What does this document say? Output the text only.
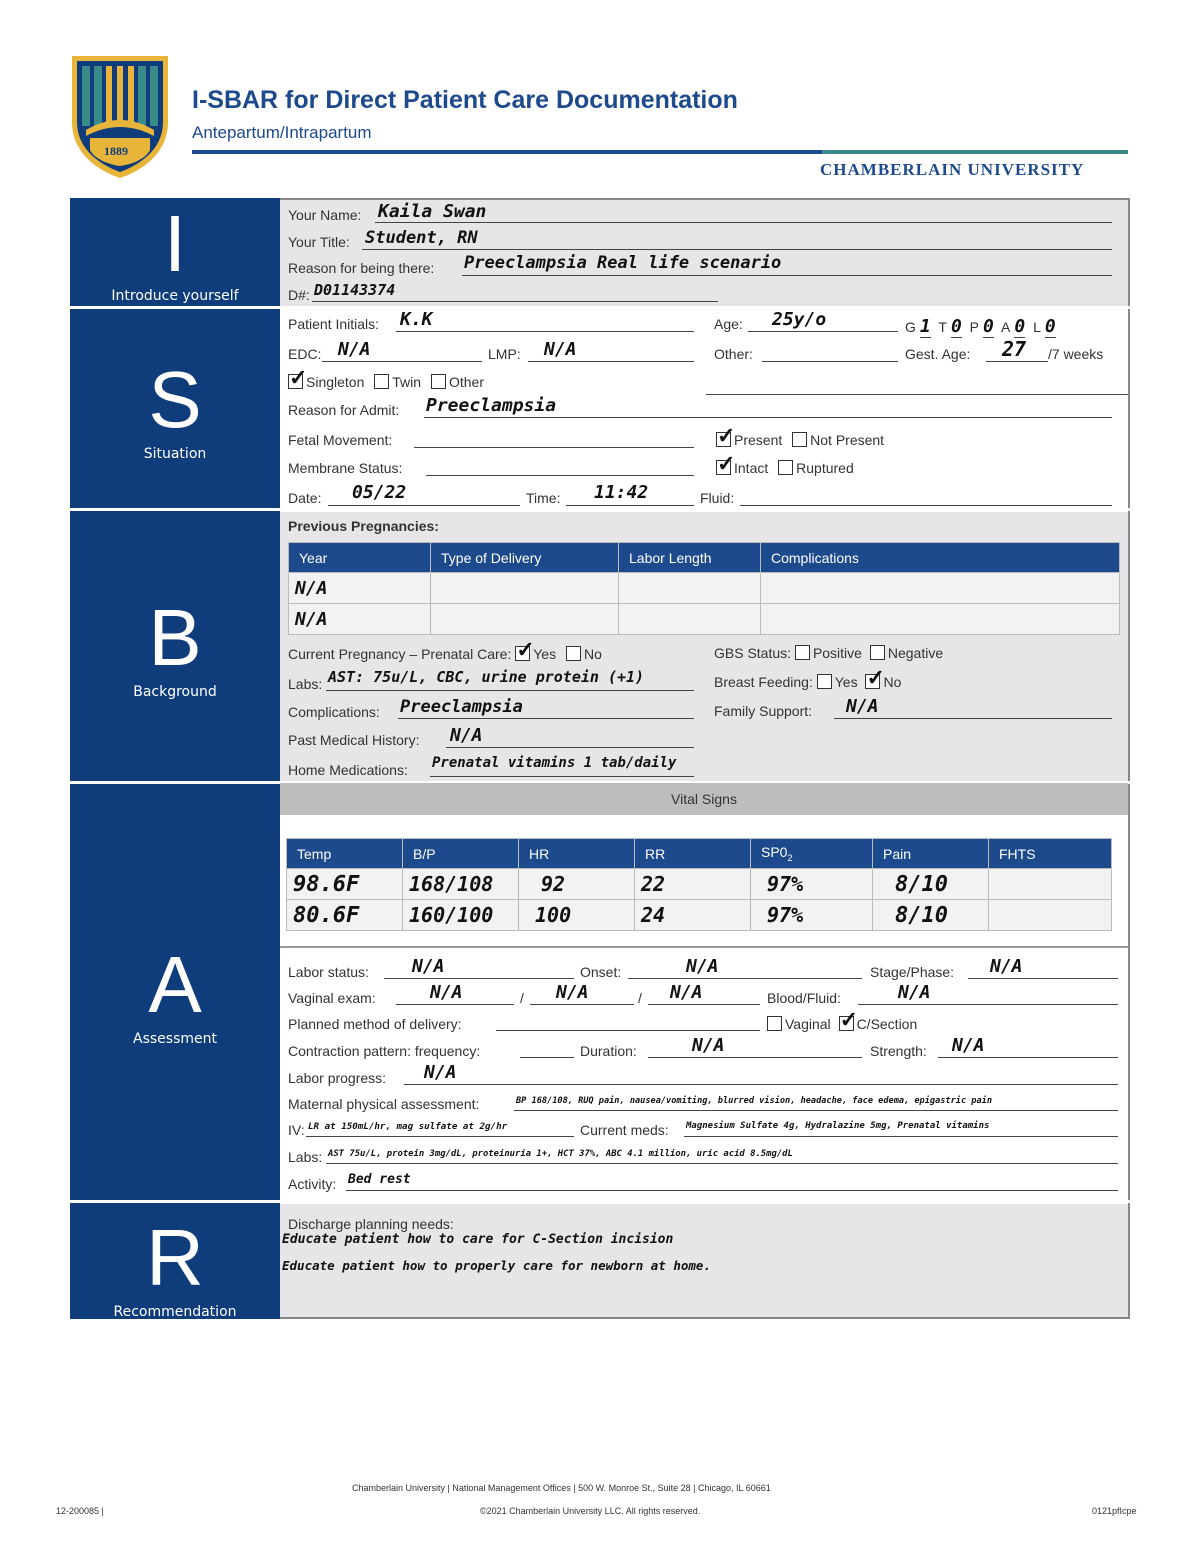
1889
I-SBAR for Direct Patient Care Documentation
Antepartum/Intrapartum
CHAMBERLAIN UNIVERSITY
I
Introduce yourself
S
Situation
B
Background
A
Assessment
R
Recommendation
Your Name: Kaila Swan
Your Title: Student, RN
Reason for being there: Preeclampsia Real life scenario
D#: D01143374
Patient Initials: K.K	Age: 25y/o	G 1 T 0 P 0 A 0 L 0
EDC: N/A	LMP: N/A	Other:	Gest. Age: 27 /7 weeks
✓Singleton Twin Other
Reason for Admit: Preeclampsia
Fetal Movement: ✓	Present Not Present
Membrane Status: ✓	Intact Ruptured
Date: 05/22	Time: 11:42	Fluid:
Previous Pregnancies:
Year	Type of Delivery	Labor Length	Complications
N/A			
N/A			
Current Pregnancy – Prenatal Care: ✓ Yes No	GBS Status: Positive Negative
Labs: AST: 75u/L, CBC, urine protein (+1)	Breast Feeding: Yes ✓ No
Complications: Preeclampsia	Family Support: N/A
Past Medical History: N/A
Home Medications: Prenatal vitamins 1 tab/daily
Vital Signs
Temp	B/P	HR	RR	$SP0_2$	Pain	FHTS
98.6F	168/108	92	22	97%	8/10	
80.6F	160/100	100	24	97%	8/10	
Labor status: N/A	Onset:	N/A	Stage/Phase: N/A
Vaginal exam:	N/A	/ N/A	/ N/A	Blood/Fluid:	N/A
Planned method of delivery:	Vaginal ✓ C/Section
Contraction pattern: frequency:	Duration:	N/A	Strength: N/A
Labor progress: N/A
Maternal physical assessment:	BP 168/108, RUQ pain, nausea/vomiting, blurred vision, headache, face edema, epigastric pain
IV: LR at 150mL/hr, mag sulfate at 2g/hr	Current meds: Magnesium Sulfate 4g, Hydralazine 5mg, Prenatal vitamins
Labs: AST 75u/L, protein 3mg/dL, proteinuria 1+, HCT 37%, ABC 4.1 million, uric acid 8.5mg/dL
Activity: Bed rest
Discharge planning needs:
Educate patient how to care for C-Section incision
Educate patient how to properly care for newborn at home.
Chamberlain University | National Management Offices | 500 W. Monroe St., Suite 28 | Chicago, IL 60661
12-200085 |	©2021 Chamberlain University LLC. All rights reserved.	0121pfIcpe
